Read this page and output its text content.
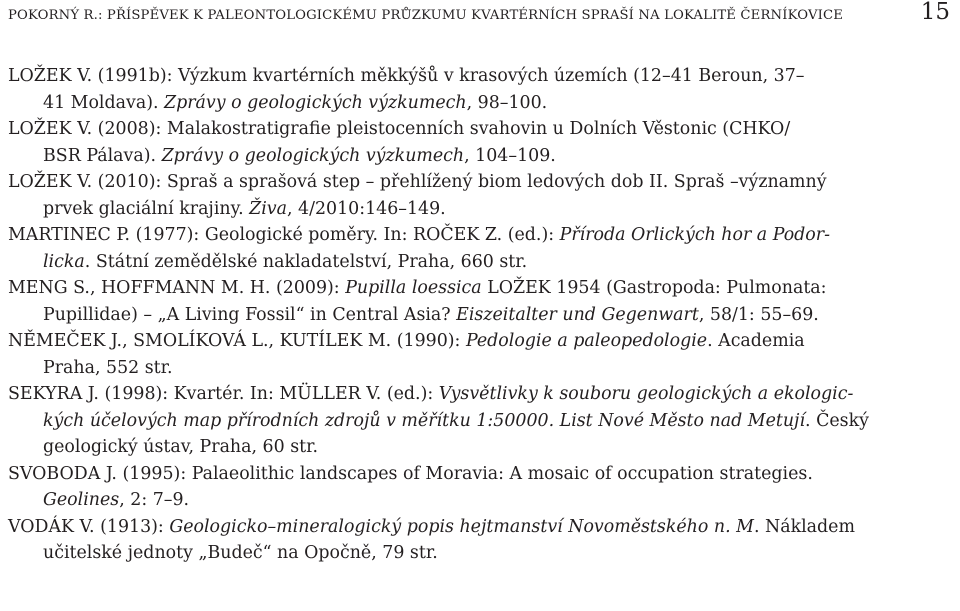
POKORNÝ R.: PŘÍSPĚVEK K PALEONTOLOGICKÉMU PRŮZKUMU KVARTÉRNÍCH SPRAŠÍ NA LOKALITĚ ČERNÍKOVICE	15
LOŽEK V. (1991b): Výzkum kvartérních měkkýšů v krasových územích (12–41 Beroun, 37–
41 Moldava). Zprávy o geologických výzkumech, 98–100.
LOŽEK V. (2008): Malakostratigrafie pleistocenních svahovin u Dolních Věstonic (CHKO/
BSR Pálava). Zprávy o geologických výzkumech, 104–109.
LOŽEK V. (2010): Spraš a sprašová step – přehlížený biom ledových dob II. Spraš –významný
prvek glaciální krajiny. Živa, 4/2010:146–149.
MARTINEC P. (1977): Geologické poměry. In: ROČEK Z. (ed.): Příroda Orlických hor a Podor-
licka. Státní zemědělské nakladatelství, Praha, 660 str.
MENG S., HOFFMANN M. H. (2009): Pupilla loessica LOŽEK 1954 (Gastropoda: Pulmonata:
Pupillidae) – „A Living Fossil“ in Central Asia? Eiszeitalter und Gegenwart, 58/1: 55–69.
NĚMEČEK J., SMOLÍKOVÁ L., KUTÍLEK M. (1990): Pedologie a paleopedologie. Academia
Praha, 552 str.
SEKYRA J. (1998): Kvartér. In: MÜLLER V. (ed.): Vysvětlivky k souboru geologických a ekologic-
kých účelových map přírodních zdrojů v měřítku 1:50000. List Nové Město nad Metují. Český
geologický ústav, Praha, 60 str.
SVOBODA J. (1995): Palaeolithic landscapes of Moravia: A mosaic of occupation strategies.
Geolines, 2: 7–9.
VODÁK V. (1913): Geologicko–mineralogický popis hejtmanství Novoměstského n. M. Nákladem
učitelské jednoty „Budeč“ na Opočně, 79 str.
